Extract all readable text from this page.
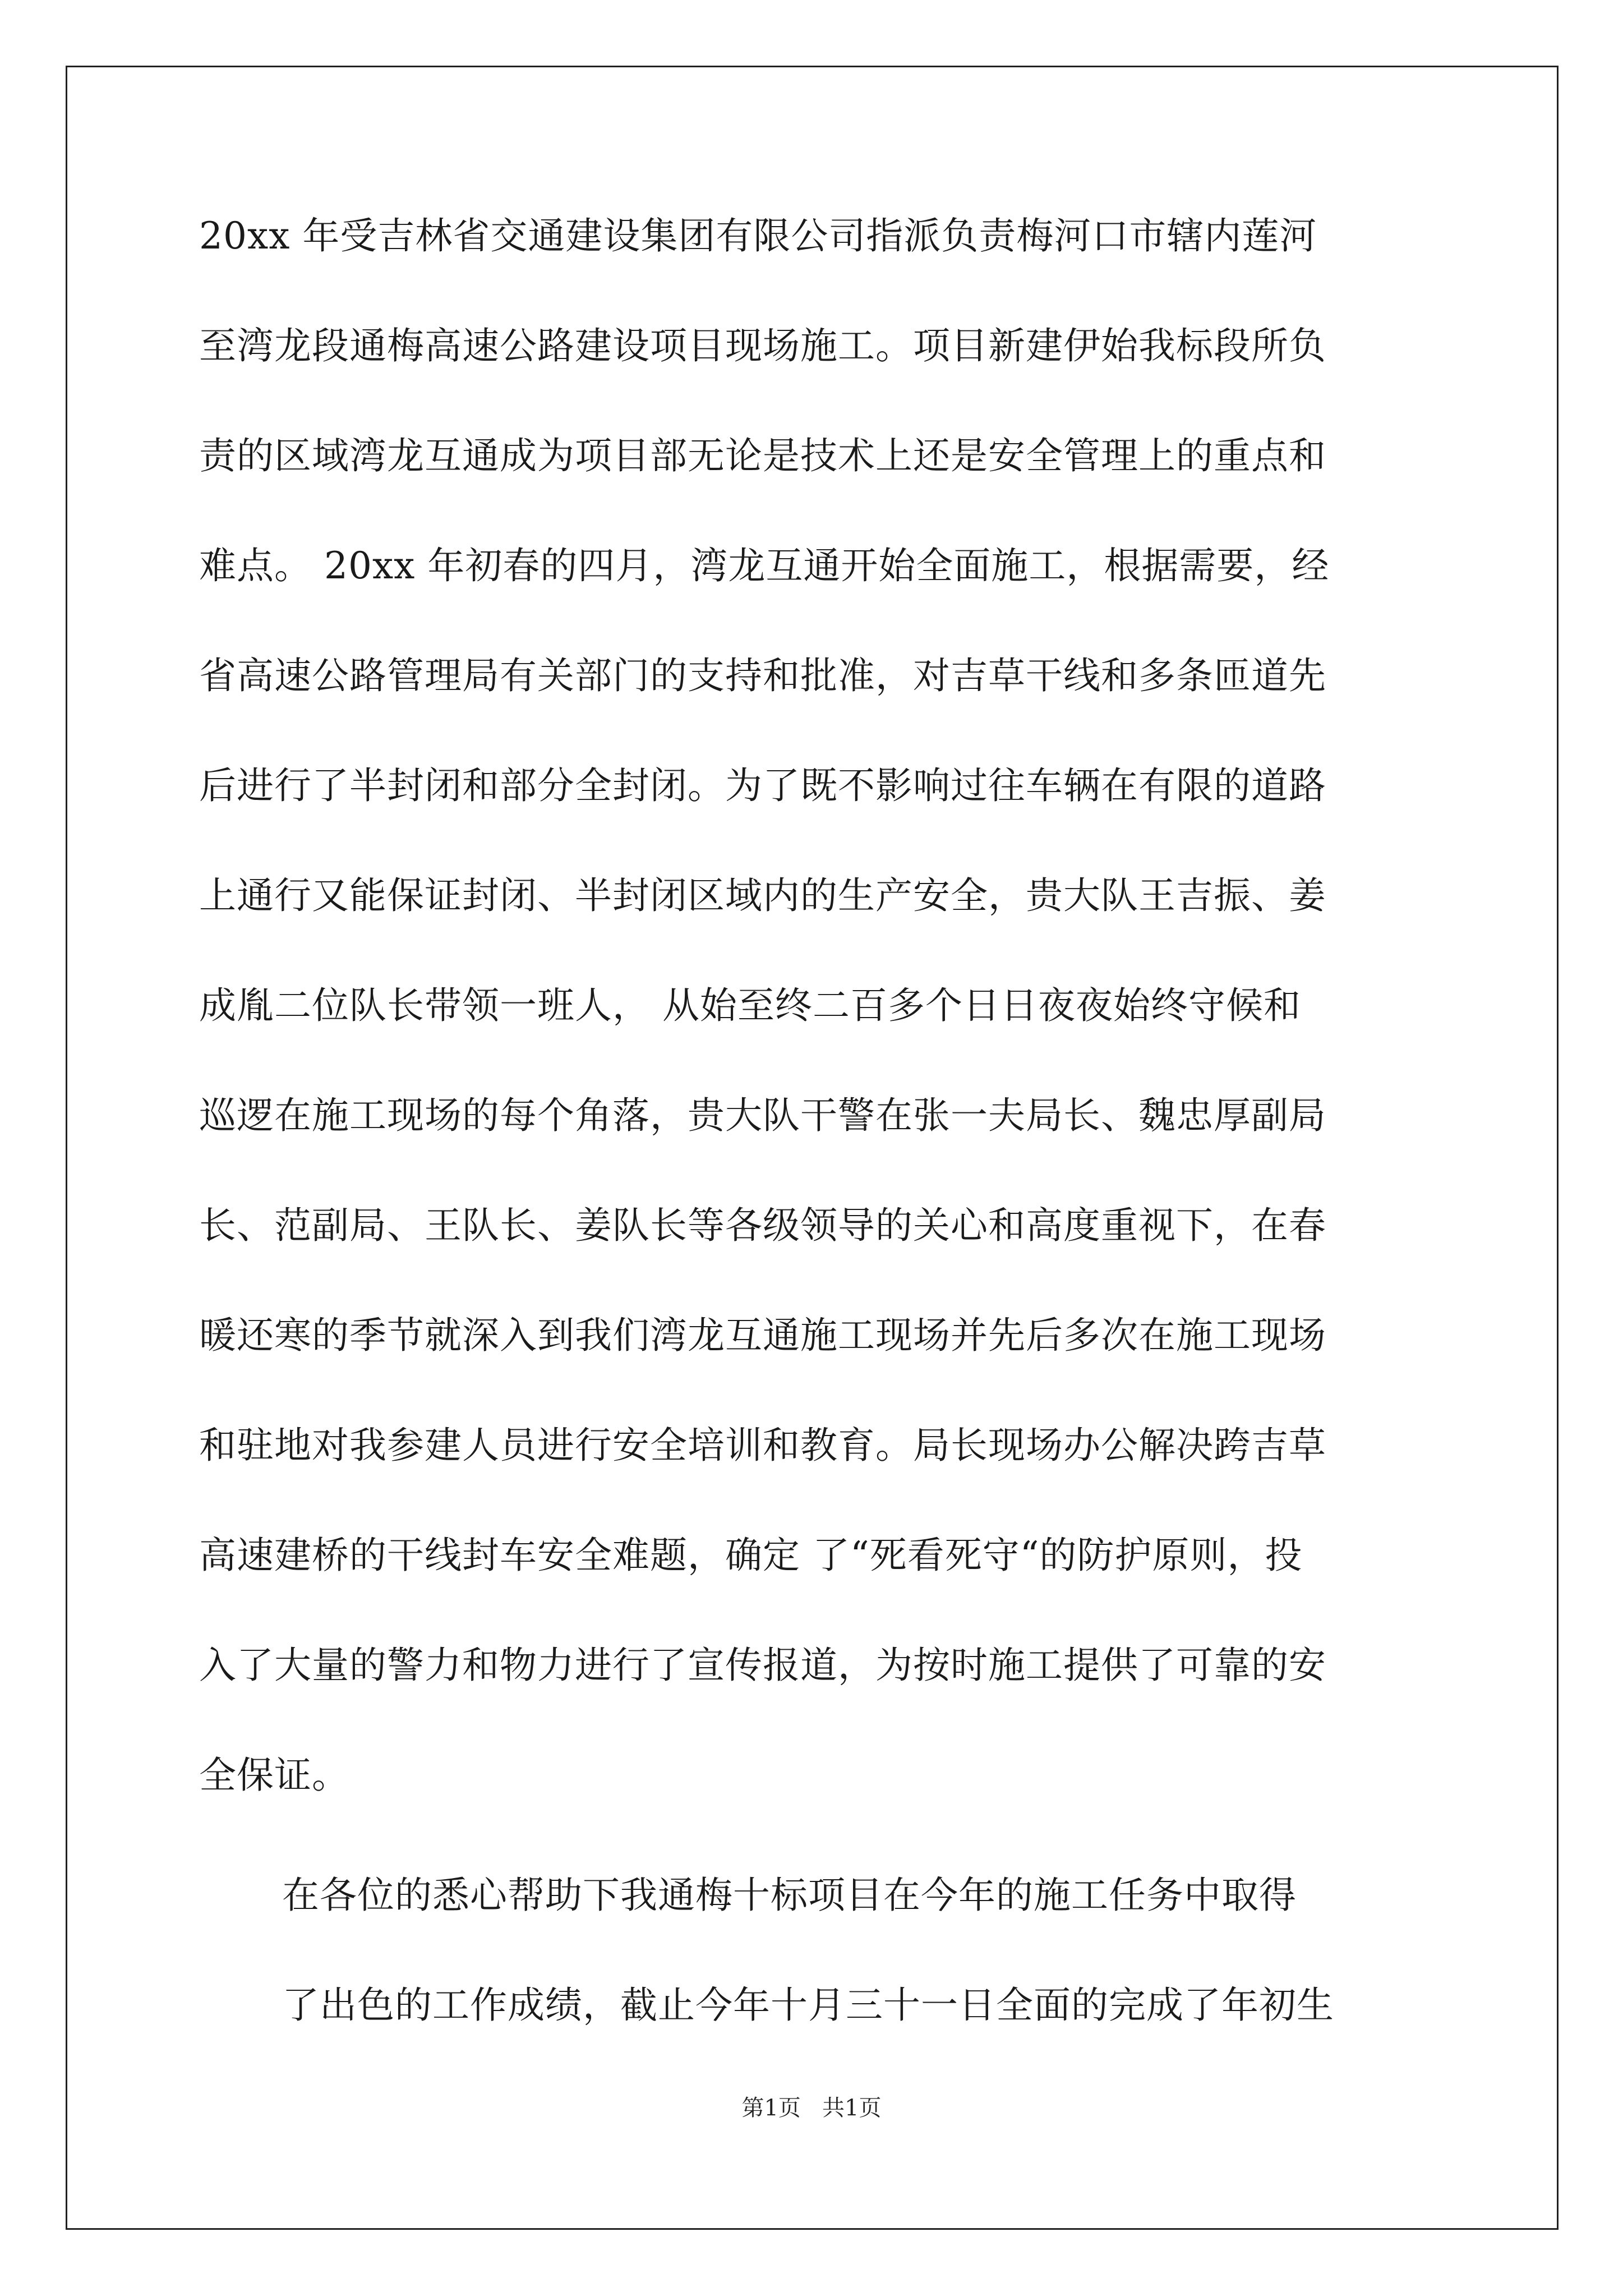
20xx 年受吉林省交通建设集团有限公司指派负责梅河口市辖内莲河
至湾龙段通梅高速公路建设项目现场施工。项目新建伊始我标段所负
责的区域湾龙互通成为项目部无论是技术上还是安全管理上的重点和
难点。 20xx 年初春的四月，湾龙互通开始全面施工，根据需要，经
省高速公路管理局有关部门的支持和批准，对吉草干线和多条匝道先
后进行了半封闭和部分全封闭。为了既不影响过往车辆在有限的道路
上通行又能保证封闭、半封闭区域内的生产安全，贵大队王吉振、姜
成胤二位队长带领一班人， 从始至终二百多个日日夜夜始终守候和
巡逻在施工现场的每个角落，贵大队干警在张一夫局长、魏忠厚副局
长、范副局、王队长、姜队长等各级领导的关心和高度重视下，在春
暖还寒的季节就深入到我们湾龙互通施工现场并先后多次在施工现场
和驻地对我参建人员进行安全培训和教育。局长现场办公解决跨吉草
高速建桥的干线封车安全难题，确定 了“死看死守“的防护原则，投
入了大量的警力和物力进行了宣传报道，为按时施工提供了可靠的安
全保证。
在各位的悉心帮助下我通梅十标项目在今年的施工任务中取得
了出色的工作成绩，截止今年十月三十一日全面的完成了年初生
第1页   共1页
